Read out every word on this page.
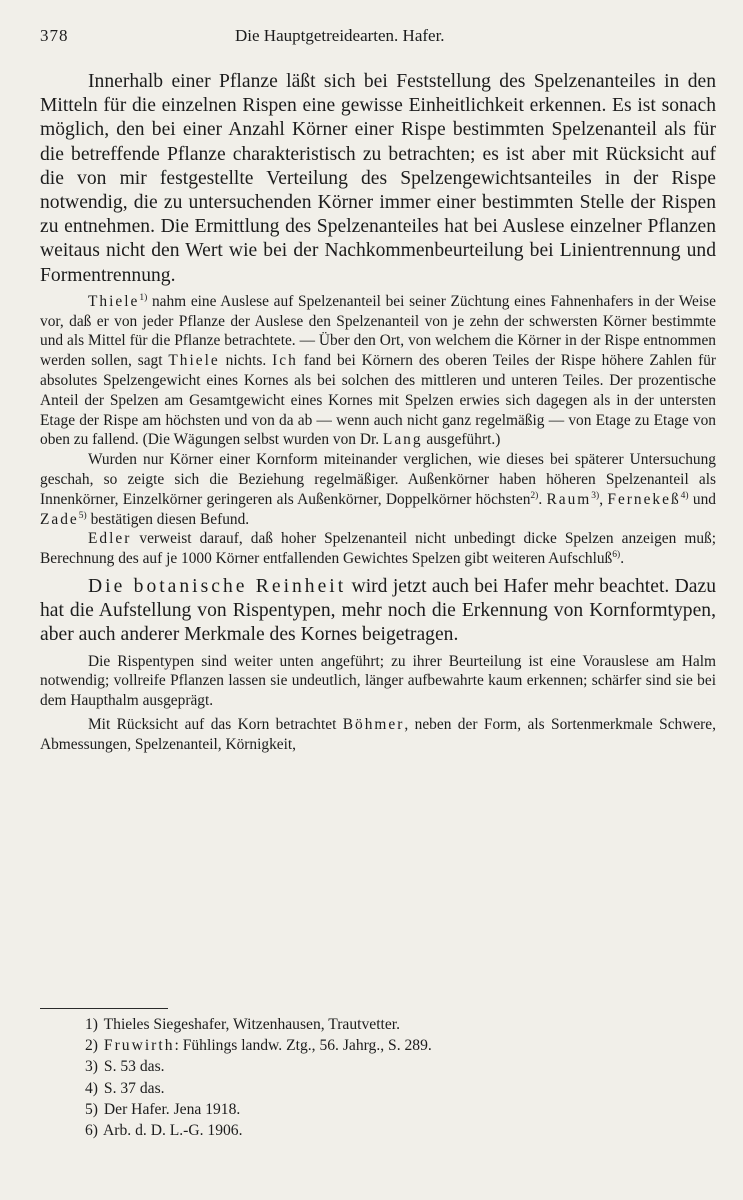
378	Die Hauptgetreidearten. Hafer.

Innerhalb einer Pflanze läßt sich bei Feststellung des Spelzenanteiles in den Mitteln für die einzelnen Rispen eine gewisse Einheitlichkeit erkennen. Es ist sonach möglich, den bei einer Anzahl Körner einer Rispe bestimmten Spelzenanteil als für die betreffende Pflanze charakteristisch zu betrachten; es ist aber mit Rücksicht auf die von mir festgestellte Verteilung des Spelzengewichtsanteiles in der Rispe notwendig, die zu untersuchenden Körner immer einer bestimmten Stelle der Rispen zu entnehmen. Die Ermittlung des Spelzenanteiles hat bei Auslese einzelner Pflanzen weitaus nicht den Wert wie bei der Nachkommenbeurteilung bei Linientrennung und Formentrennung.

Thiele$^{1)}$ nahm eine Auslese auf Spelzenanteil bei seiner Züchtung eines Fahnenhafers in der Weise vor, daß er von jeder Pflanze der Auslese den Spelzenanteil von je zehn der schwersten Körner bestimmte und als Mittel für die Pflanze betrachtete. — Über den Ort, von welchem die Körner in der Rispe entnommen werden sollen, sagt Thiele nichts. Ich fand bei Körnern des oberen Teiles der Rispe höhere Zahlen für absolutes Spelzengewicht eines Kornes als bei solchen des mittleren und unteren Teiles. Der prozentische Anteil der Spelzen am Gesamtgewicht eines Kornes mit Spelzen erwies sich dagegen als in der untersten Etage der Rispe am höchsten und von da ab — wenn auch nicht ganz regelmäßig — von Etage zu Etage von oben zu fallend. (Die Wägungen selbst wurden von Dr. Lang ausgeführt.)

Wurden nur Körner einer Kornform miteinander verglichen, wie dieses bei späterer Untersuchung geschah, so zeigte sich die Beziehung regelmäßiger. Außenkörner haben höheren Spelzenanteil als Innenkörner, Einzelkörner geringeren als Außenkörner, Doppelkörner höchsten$^{2)}$. Raum$^{3)}$, Fernekeß$^{4)}$ und Zade$^{5)}$ bestätigen diesen Befund.

Edler verweist darauf, daß hoher Spelzenanteil nicht unbedingt dicke Spelzen anzeigen muß; Berechnung des auf je 1000 Körner entfallenden Gewichtes Spelzen gibt weiteren Aufschluß$^{6)}$.

Die botanische Reinheit wird jetzt auch bei Hafer mehr beachtet. Dazu hat die Aufstellung von Rispentypen, mehr noch die Erkennung von Kornformtypen, aber auch anderer Merkmale des Kornes beigetragen.

Die Rispentypen sind weiter unten angeführt; zu ihrer Beurteilung ist eine Vorauslese am Halm notwendig; vollreife Pflanzen lassen sie undeutlich, länger aufbewahrte kaum erkennen; schärfer sind sie bei dem Haupthalm ausgeprägt.

Mit Rücksicht auf das Korn betrachtet Böhmer, neben der Form, als Sortenmerkmale Schwere, Abmessungen, Spelzenanteil, Körnigkeit,

1) Thieles Siegeshafer, Witzenhausen, Trautvetter.

2) Fruwirth: Fühlings landw. Ztg., 56. Jahrg., S. 289.

3) S. 53 das.

4) S. 37 das.

5) Der Hafer. Jena 1918.

6) Arb. d. D. L.-G. 1906.
